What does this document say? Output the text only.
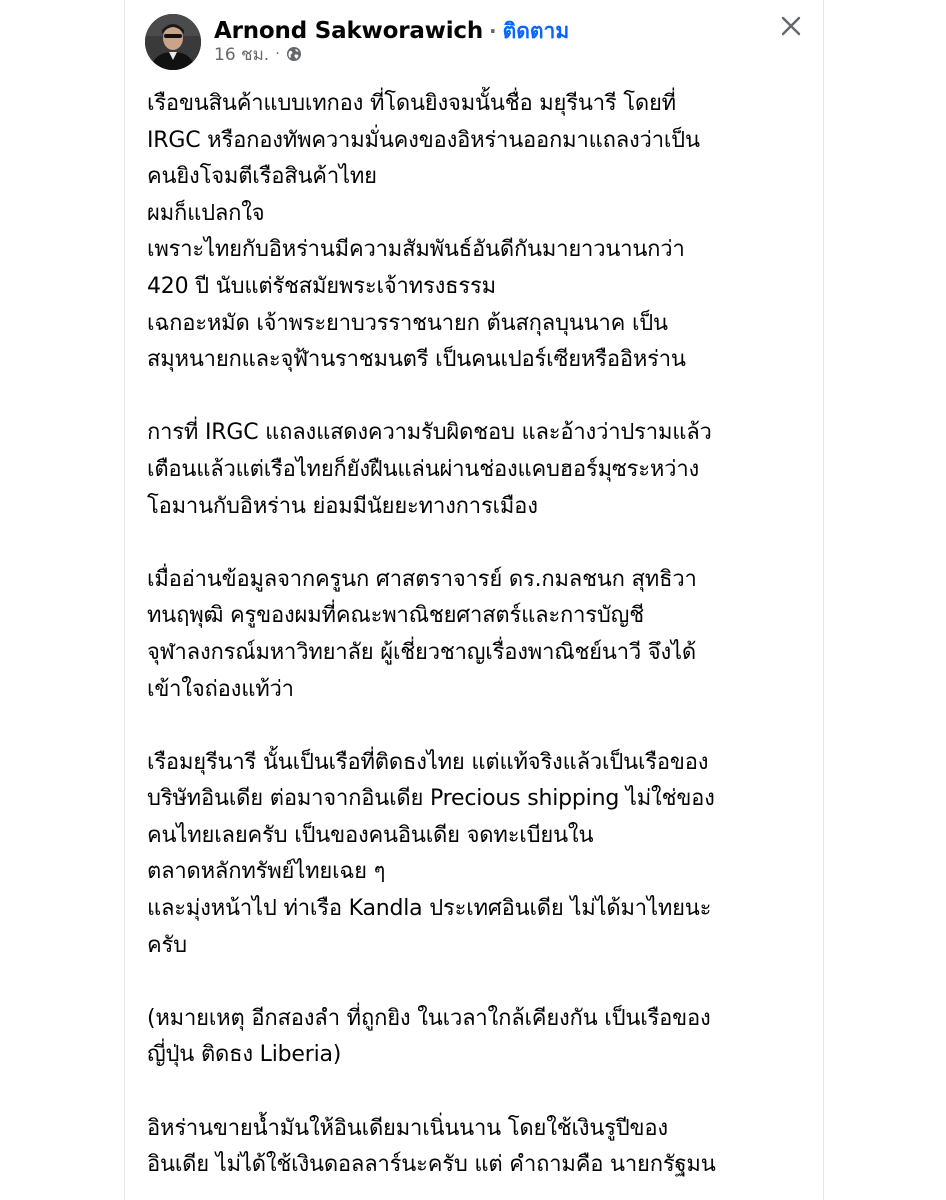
Arnond Sakworawich · ติดตาม
16 ชม. ·

เรือขนสินค้าแบบเทกอง ที่โดนยิงจมนั้นชื่อ มยุรีนารี โดยที่
IRGC หรือกองทัพความมั่นคงของอิหร่านออกมาแถลงว่าเป็น
คนยิงโจมตีเรือสินค้าไทย
ผมก็แปลกใจ
เพราะไทยกับอิหร่านมีความสัมพันธ์อันดีกันมายาวนานกว่า
420 ปี นับแต่รัชสมัยพระเจ้าทรงธรรม
เฉกอะหมัด เจ้าพระยาบวรราชนายก ต้นสกุลบุนนาค เป็น
สมุหนายกและจุฬ้านราชมนตรี เป็นคนเปอร์เซียหรืออิหร่าน

การที่ IRGC แถลงแสดงความรับผิดชอบ และอ้างว่าปรามแล้ว
เตือนแล้วแต่เรือไทยก็ยังฝืนแล่นผ่านช่องแคบฮอร์มุซระหว่าง
โอมานกับอิหร่าน ย่อมมีนัยยะทางการเมือง

เมื่ออ่านข้อมูลจากครูนก ศาสตราจารย์ ดร.กมลชนก สุทธิวา
ทนฤพุฒิ ครูของผมที่คณะพาณิชยศาสตร์และการบัญชี
จุฬาลงกรณ์มหาวิทยาลัย ผู้เชี่ยวชาญเรื่องพาณิชย์นาวี จึงได้
เข้าใจถ่องแท้ว่า

เรือมยุรีนารี นั้นเป็นเรือที่ติดธงไทย แต่แท้จริงแล้วเป็นเรือของ
บริษัทอินเดีย ต่อมาจากอินเดีย Precious shipping ไม่ใช่ของ
คนไทยเลยครับ เป็นของคนอินเดีย จดทะเบียนใน
ตลาดหลักทรัพย์ไทยเฉย ๆ
และมุ่งหน้าไป ท่าเรือ Kandla ประเทศอินเดีย ไม่ได้มาไทยนะ
ครับ

(หมายเหตุ อีกสองลำ ที่ถูกยิง ในเวลาใกล้เคียงกัน เป็นเรือของ
ญี่ปุ่น ติดธง Liberia)

อิหร่านขายน้ำมันให้อินเดียมาเนิ่นนาน โดยใช้เงินรูปีของ
อินเดีย ไม่ได้ใช้เงินดอลลาร์นะครับ แต่ คำถามคือ นายกรัฐมน
